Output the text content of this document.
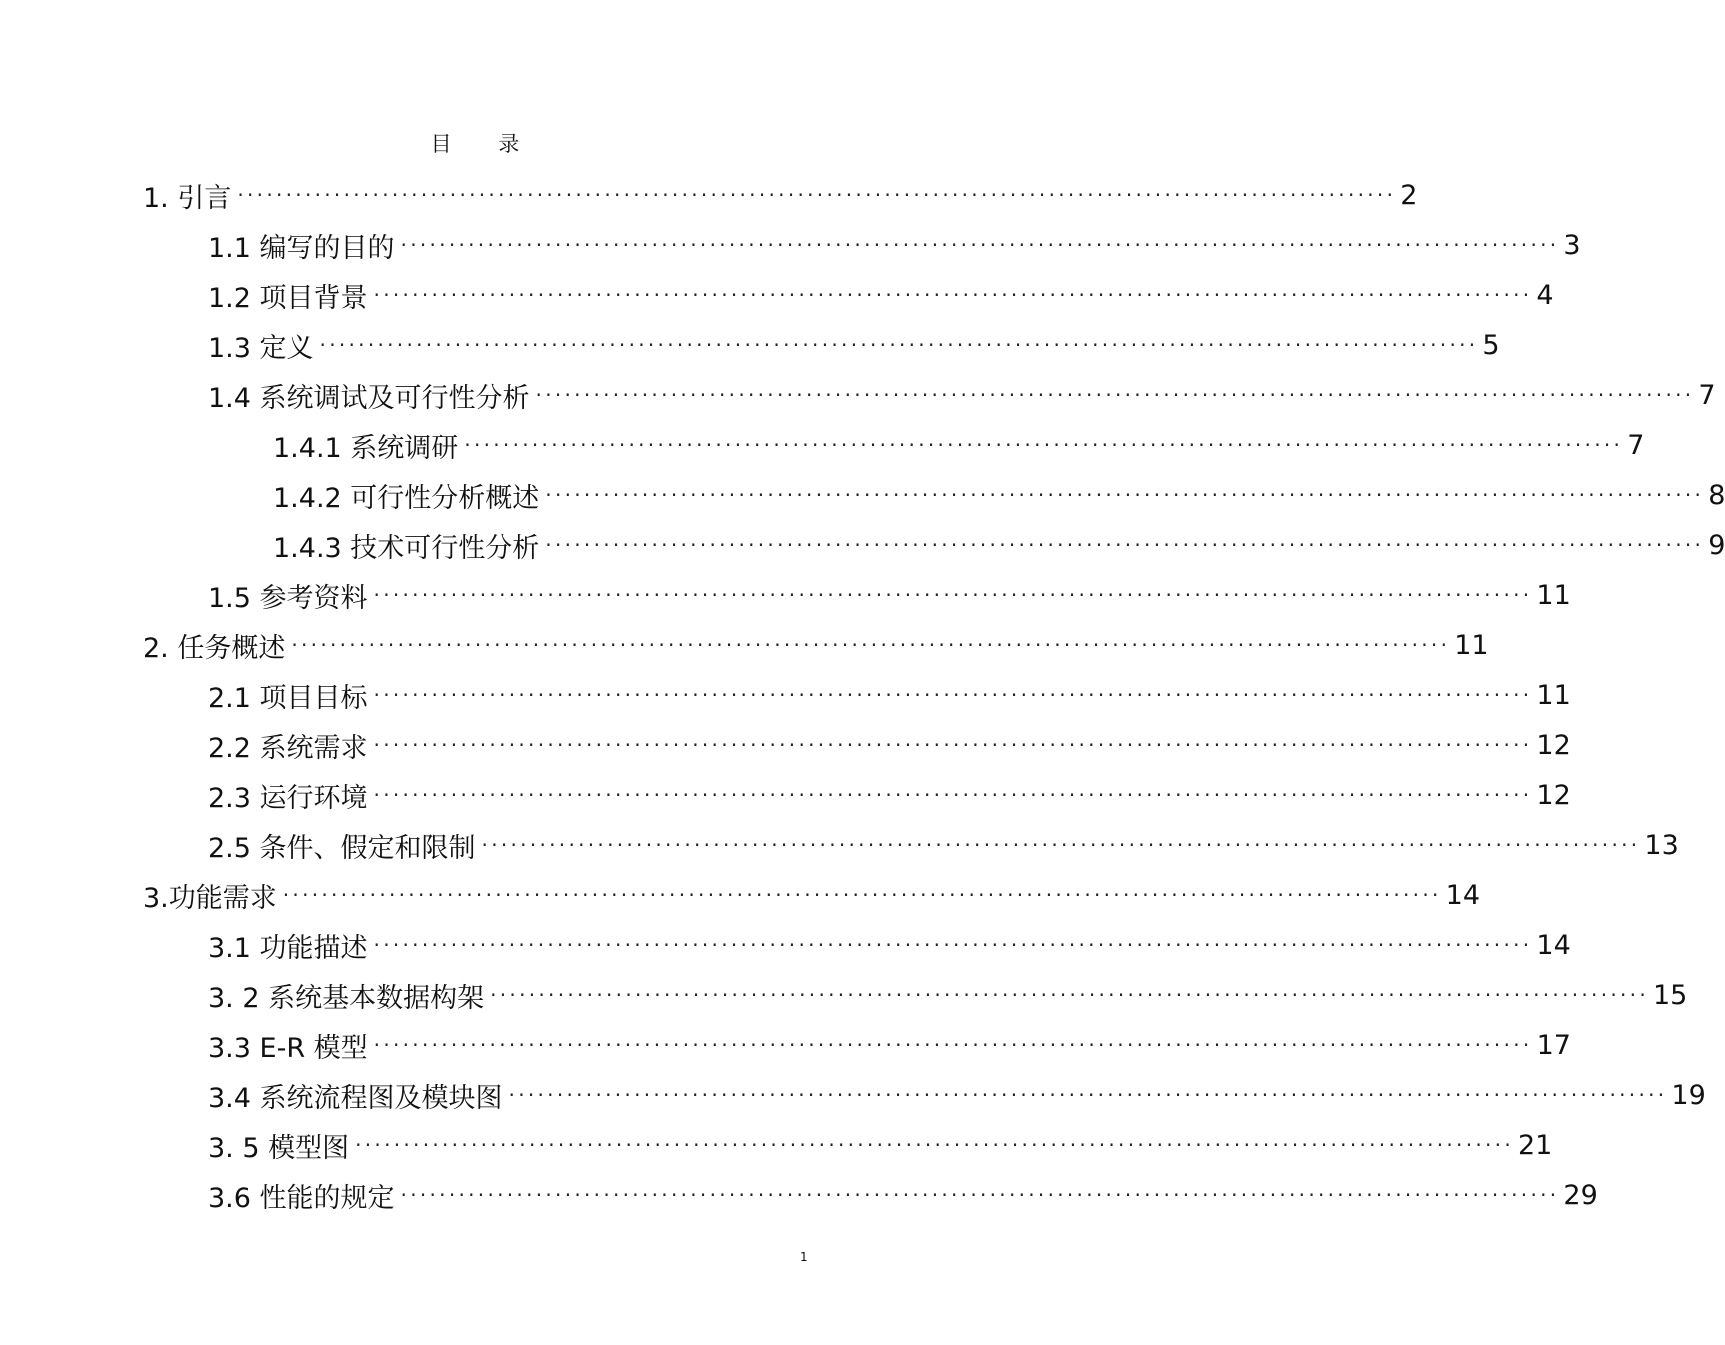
目 录
1. 引言 ························································································································ 2
1.1 编写的目的 ························································································································ 3
1.2 项目背景 ························································································································ 4
1.3 定义 ························································································································ 5
1.4 系统调试及可行性分析 ························································································································ 7
1.4.1 系统调研 ························································································································ 7
1.4.2 可行性分析概述 ························································································································ 8
1.4.3 技术可行性分析 ························································································································ 9
1.5 参考资料 ························································································································ 11
2. 任务概述 ························································································································ 11
2.1 项目目标 ························································································································ 11
2.2 系统需求 ························································································································ 12
2.3 运行环境 ························································································································ 12
2.5 条件、假定和限制 ························································································································ 13
3.功能需求 ························································································································ 14
3.1 功能描述 ························································································································ 14
3. 2 系统基本数据构架 ························································································································ 15
3.3 E-R 模型 ························································································································ 17
3.4 系统流程图及模块图 ························································································································ 19
3. 5 模型图 ························································································································ 21
3.6 性能的规定 ························································································································ 29
1
